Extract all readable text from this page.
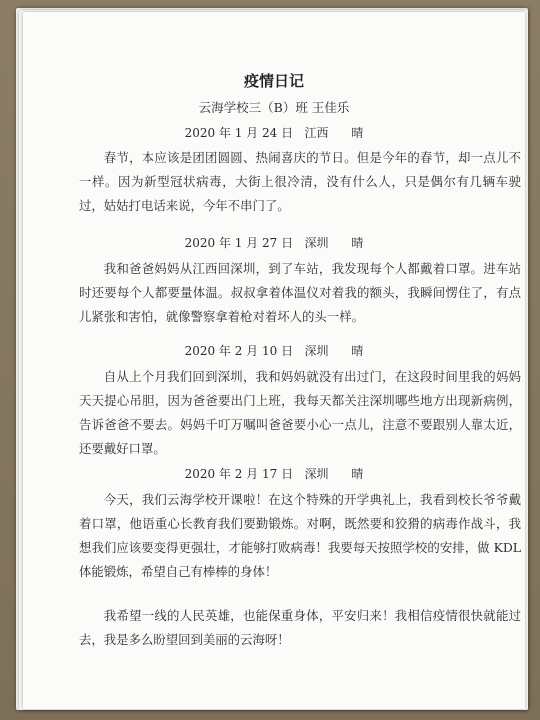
疫情日记
云海学校三（B）班 王佳乐
2020 年 1 月 24 日   江西      晴
春节，本应该是团团圆圆、热闹喜庆的节日。但是今年的春节，却一点儿不一样。因为新型冠状病毒，大街上很冷清，没有什么人，只是偶尔有几辆车驶过，姑姑打电话来说，今年不串门了。
2020 年 1 月 27 日   深圳      晴
我和爸爸妈妈从江西回深圳，到了车站，我发现每个人都戴着口罩。进车站时还要每个人都要量体温。叔叔拿着体温仪对着我的额头，我瞬间愣住了，有点儿紧张和害怕，就像警察拿着枪对着坏人的头一样。
2020 年 2 月 10 日   深圳      晴
自从上个月我们回到深圳，我和妈妈就没有出过门，在这段时间里我的妈妈天天提心吊胆，因为爸爸要出门上班，我每天都关注深圳哪些地方出现新病例，告诉爸爸不要去。妈妈千叮万嘱叫爸爸要小心一点儿，注意不要跟别人靠太近，还要戴好口罩。
2020 年 2 月 17 日   深圳      晴
今天，我们云海学校开课啦！在这个特殊的开学典礼上，我看到校长爷爷戴着口罩，他语重心长教育我们要勤锻炼。对啊，既然要和狡猾的病毒作战斗，我想我们应该要变得更强壮，才能够打败病毒！我要每天按照学校的安排，做 KDL 体能锻炼，希望自己有棒棒的身体！
我希望一线的人民英雄，也能保重身体，平安归来！我相信疫情很快就能过去，我是多么盼望回到美丽的云海呀！
